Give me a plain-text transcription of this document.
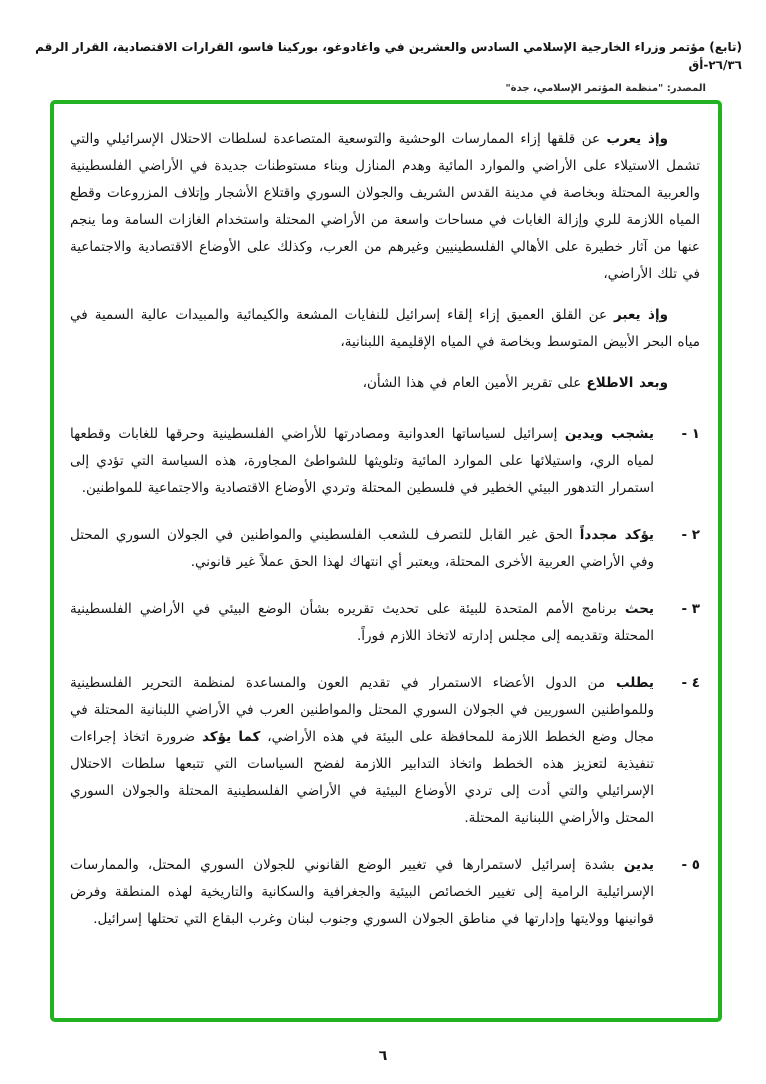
(تابع) مؤتمر وزراء الخارجية الإسلامي السادس والعشرين في واغادوغو، بوركينا فاسو، القرارات الاقتصادية، القرار الرقم ٢٦/٣٦-أق
المصدر: "منظمة المؤتمر الإسلامي، جدة"

وإذ يعرب عن قلقها إزاء الممارسات الوحشية والتوسعية المتصاعدة لسلطات الاحتلال الإسرائيلي والتي تشمل الاستيلاء على الأراضي والموارد المائية وهدم المنازل وبناء مستوطنات جديدة في الأراضي الفلسطينية والعربية المحتلة وبخاصة في مدينة القدس الشريف والجولان السوري واقتلاع الأشجار وإتلاف المزروعات وقطع المياه اللازمة للري وإزالة الغابات في مساحات واسعة من الأراضي المحتلة واستخدام الغازات السامة وما ينجم عنها من آثار خطيرة على الأهالي الفلسطينيين وغيرهم من العرب، وكذلك على الأوضاع الاقتصادية والاجتماعية في تلك الأراضي،

وإذ يعبر عن القلق العميق إزاء إلقاء إسرائيل للنفايات المشعة والكيمائية والمبيدات عالية السمية في مياه البحر الأبيض المتوسط وبخاصة في المياه الإقليمية اللبنانية،

وبعد الاطلاع على تقرير الأمين العام في هذا الشأن،

١ -

يشجب ويدين إسرائيل لسياساتها العدوانية ومصادرتها للأراضي الفلسطينية وحرقها للغابات وقطعها لمياه الري، واستيلائها على الموارد المائية وتلويثها للشواطئ المجاورة، هذه السياسة التي تؤدي إلى استمرار التدهور البيئي الخطير في فلسطين المحتلة وتردي الأوضاع الاقتصادية والاجتماعية للمواطنين.

٢ -

يؤكد مجدداً الحق غير القابل للتصرف للشعب الفلسطيني والمواطنين في الجولان السوري المحتل وفي الأراضي العربية الأخرى المحتلة، ويعتبر أي انتهاك لهذا الحق عملاً غير قانوني.

٣ -

يحث برنامج الأمم المتحدة للبيئة على تحديث تقريره بشأن الوضع البيئي في الأراضي الفلسطينية المحتلة وتقديمه إلى مجلس إدارته لاتخاذ اللازم فوراً.

٤ -

يطلب من الدول الأعضاء الاستمرار في تقديم العون والمساعدة لمنظمة التحرير الفلسطينية وللمواطنين السوريين في الجولان السوري المحتل والمواطنين العرب في الأراضي اللبنانية المحتلة في مجال وضع الخطط اللازمة للمحافظة على البيئة في هذه الأراضي، كما يؤكد ضرورة اتخاذ إجراءات تنفيذية لتعزيز هذه الخطط واتخاذ التدابير اللازمة لفضح السياسات التي تتبعها سلطات الاحتلال الإسرائيلي والتي أدت إلى تردي الأوضاع البيئية في الأراضي الفلسطينية المحتلة والجولان السوري المحتل والأراضي اللبنانية المحتلة.

٥ -

يدين بشدة إسرائيل لاستمرارها في تغيير الوضع القانوني للجولان السوري المحتل، والممارسات الإسرائيلية الرامية إلى تغيير الخصائص البيئية والجغرافية والسكانية والتاريخية لهذه المنطقة وفرض قوانينها وولايتها وإدارتها في مناطق الجولان السوري وجنوب لبنان وغرب البقاع التي تحتلها إسرائيل.

٦
